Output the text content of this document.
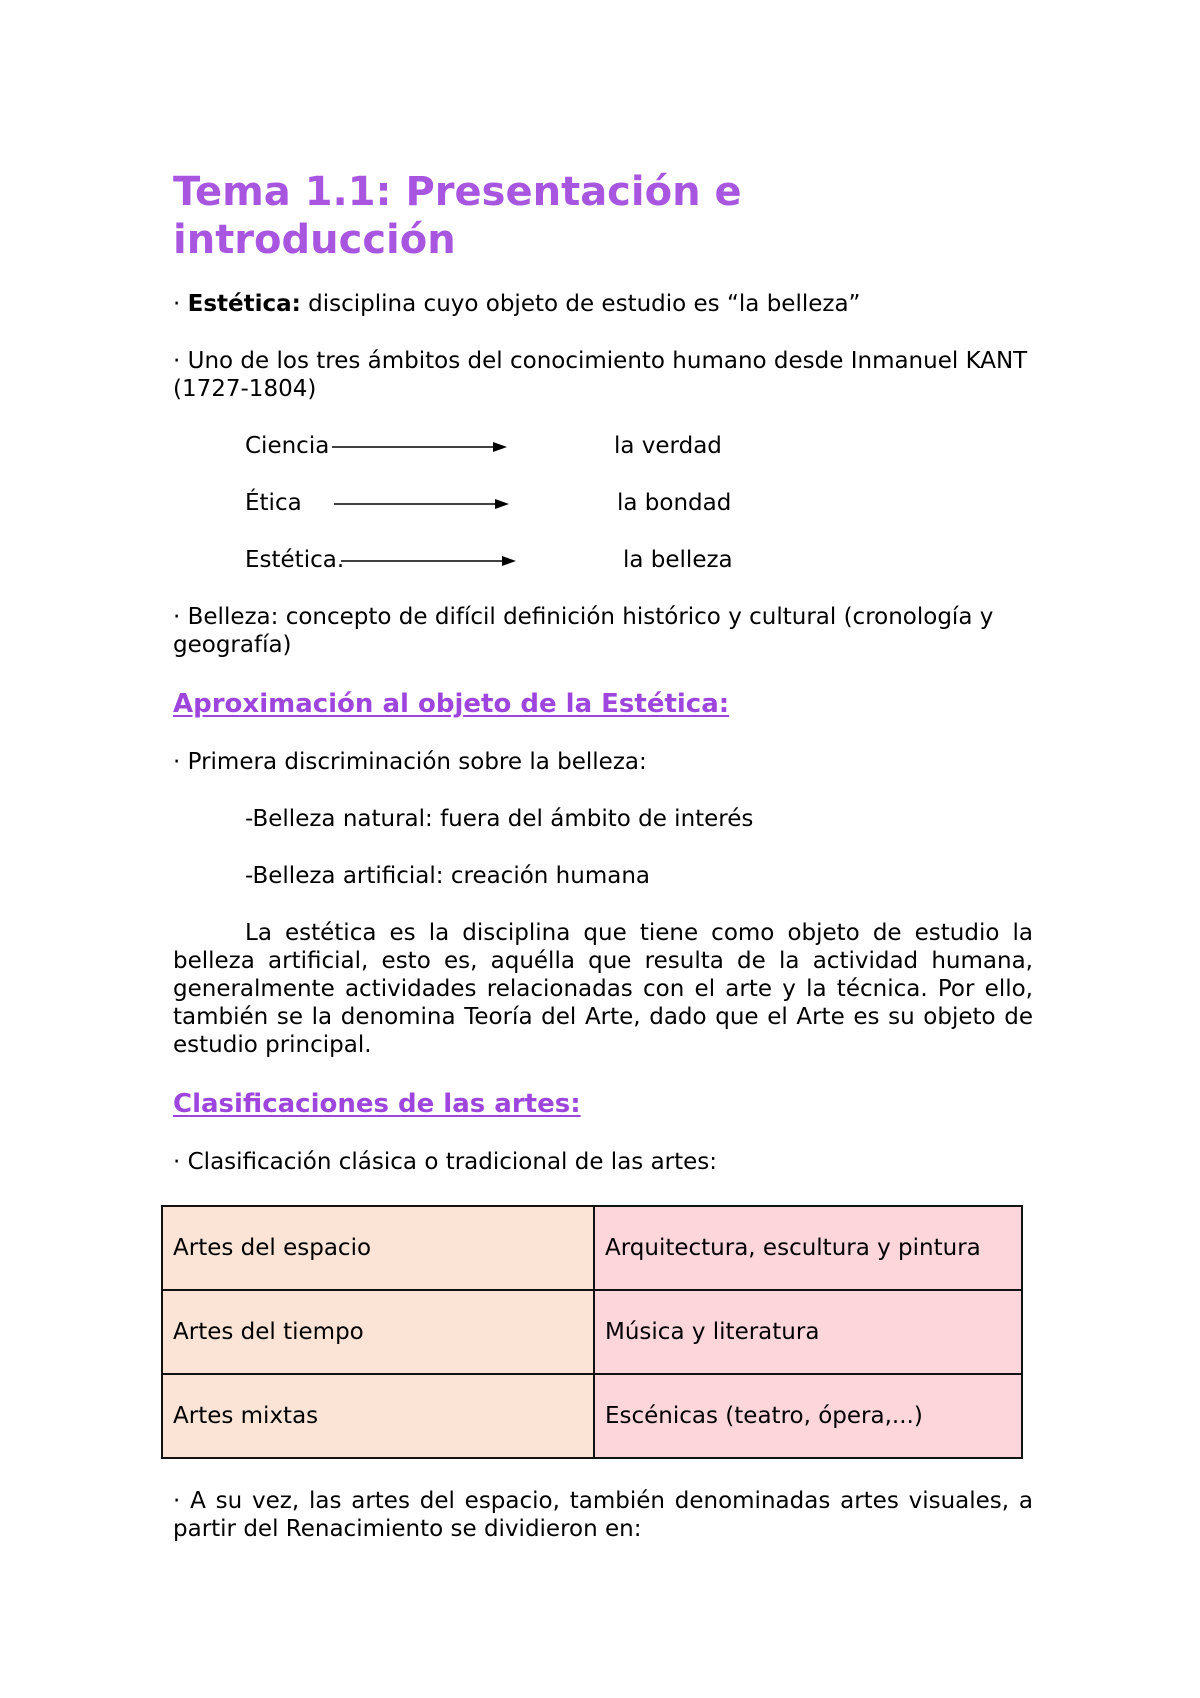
Tema 1.1: Presentación e introducción

· Estética: disciplina cuyo objeto de estudio es “la belleza”

· Uno de los tres ámbitos del conocimiento humano desde Inmanuel KANT (1727-1804)

Ciencia	la verdad
Ética	la bondad
Estética.	la belleza

· Belleza: concepto de difícil definición histórico y cultural (cronología y geografía)

Aproximación al objeto de la Estética:

· Primera discriminación sobre la belleza:

-Belleza natural: fuera del ámbito de interés

-Belleza artificial: creación humana

La estética es la disciplina que tiene como objeto de estudio la belleza artificial, esto es, aquélla que resulta de la actividad humana, generalmente actividades relacionadas con el arte y la técnica. Por ello, también se la denomina Teoría del Arte, dado que el Arte es su objeto de estudio principal.

Clasificaciones de las artes:

· Clasificación clásica o tradicional de las artes:

Artes del espacio	Arquitectura, escultura y pintura
Artes del tiempo	Música y literatura
Artes mixtas	Escénicas (teatro, ópera,...)

· A su vez, las artes del espacio, también denominadas artes visuales, a partir del Renacimiento se dividieron en:
